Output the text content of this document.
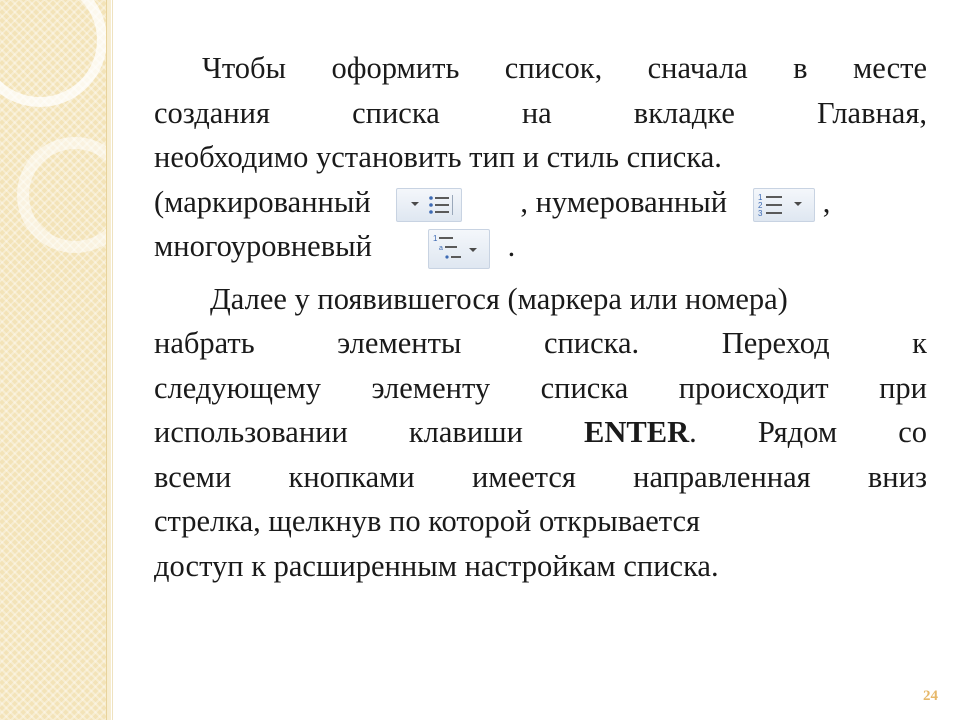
Чтобы оформить список, сначала в месте
создания списка на вкладке Главная,
необходимо установить тип и стиль списка.
(маркированный	, нумерованный	1
2
3 ,
многоуровневый	1
a .
Далее у появившегося (маркера или номера)
набрать элементы списка. Переход к
следующему элементу списка происходит при
использовании клавиши ENTER. Рядом со
всеми кнопками имеется направленная вниз
стрелка, щелкнув по которой открывается
доступ к расширенным настройкам списка.
24
